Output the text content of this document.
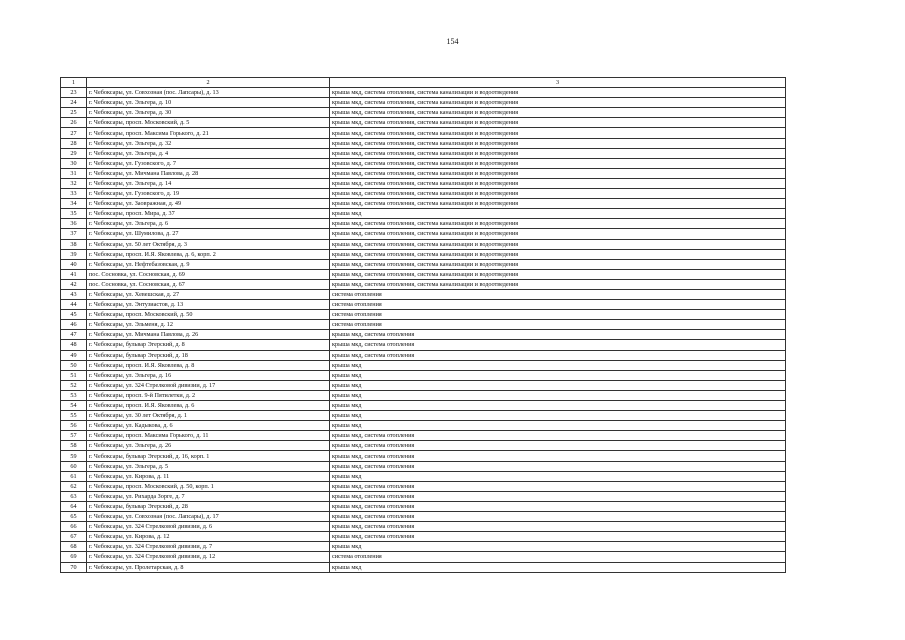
154
1	2	3
23	г. Чебоксары, ул. Совхозная (пос. Лапсары), д. 13	крыша мкд, система отопления, система канализации и водоотведения
24	г. Чебоксары, ул. Эльгера, д. 10	крыша мкд, система отопления, система канализации и водоотведения
25	г. Чебоксары, ул. Эльгера, д. 30	крыша мкд, система отопления, система канализации и водоотведения
26	г. Чебоксары, просп. Московский, д. 5	крыша мкд, система отопления, система канализации и водоотведения
27	г. Чебоксары, просп. Максима Горького, д. 21	крыша мкд, система отопления, система канализации и водоотведения
28	г. Чебоксары, ул. Эльгера, д. 32	крыша мкд, система отопления, система канализации и водоотведения
29	г. Чебоксары, ул. Эльгера, д. 4	крыша мкд, система отопления, система канализации и водоотведения
30	г. Чебоксары, ул. Гузовского, д. 7	крыша мкд, система отопления, система канализации и водоотведения
31	г. Чебоксары, ул. Мичмана Павлова, д. 28	крыша мкд, система отопления, система канализации и водоотведения
32	г. Чебоксары, ул. Эльгера, д. 14	крыша мкд, система отопления, система канализации и водоотведения
33	г. Чебоксары, ул. Гузовского, д. 19	крыша мкд, система отопления, система канализации и водоотведения
34	г. Чебоксары, ул. Заовражная, д. 49	крыша мкд, система отопления, система канализации и водоотведения
35	г. Чебоксары, просп. Мира, д. 37	крыша мкд
36	г. Чебоксары, ул. Эльгера, д. 6	крыша мкд, система отопления, система канализации и водоотведения
37	г. Чебоксары, ул. Шумилова, д. 27	крыша мкд, система отопления, система канализации и водоотведения
38	г. Чебоксары, ул. 50 лет Октября, д. 3	крыша мкд, система отопления, система канализации и водоотведения
39	г. Чебоксары, просп. И.Я. Яковлева, д. 6, корп. 2	крыша мкд, система отопления, система канализации и водоотведения
40	г. Чебоксары, ул. Нефтебазовская, д. 9	крыша мкд, система отопления, система канализации и водоотведения
41	пос. Сосновка, ул. Сосновская, д. 69	крыша мкд, система отопления, система канализации и водоотведения
42	пос. Сосновка, ул. Сосновская, д. 67	крыша мкд, система отопления, система канализации и водоотведения
43	г. Чебоксары, ул. Хевешская, д. 27	система отопления
44	г. Чебоксары, ул. Энтузиастов, д. 13	система отопления
45	г. Чебоксары, просп. Московский, д. 50	система отопления
46	г. Чебоксары, ул. Эльменя, д. 12	система отопления
47	г. Чебоксары, ул. Мичмана Павлова, д. 26	крыша мкд, система отопления
48	г. Чебоксары, бульвар Эгерский, д. 8	крыша мкд, система отопления
49	г. Чебоксары, бульвар Эгерский, д. 18	крыша мкд, система отопления
50	г. Чебоксары, просп. И.Я. Яковлева, д. 8	крыша мкд
51	г. Чебоксары, ул. Эльгера, д. 16	крыша мкд
52	г. Чебоксары, ул. 324 Стрелковой дивизии, д. 17	крыша мкд
53	г. Чебоксары, просп. 9-й Пятилетки, д. 2	крыша мкд
54	г. Чебоксары, просп. И.Я. Яковлева, д. 6	крыша мкд
55	г. Чебоксары, ул. 30 лет Октября, д. 1	крыша мкд
56	г. Чебоксары, ул. Кадыкова, д. 6	крыша мкд
57	г. Чебоксары, просп. Максима Горького, д. 11	крыша мкд, система отопления
58	г. Чебоксары, ул. Эльгера, д. 26	крыша мкд, система отопления
59	г. Чебоксары, бульвар Эгерский, д. 16, корп. 1	крыша мкд, система отопления
60	г. Чебоксары, ул. Эльгера, д. 5	крыша мкд, система отопления
61	г. Чебоксары, ул. Кирова, д. 11	крыша мкд
62	г. Чебоксары, просп. Московский, д. 50, корп. 1	крыша мкд, система отопления
63	г. Чебоксары, ул. Рихарда Зорге, д. 7	крыша мкд, система отопления
64	г. Чебоксары, бульвар Эгерский, д. 28	крыша мкд, система отопления
65	г. Чебоксары, ул. Совхозная (пос. Лапсары), д. 17	крыша мкд, система отопления
66	г. Чебоксары, ул. 324 Стрелковой дивизии, д. 6	крыша мкд, система отопления
67	г. Чебоксары, ул. Кирова, д. 12	крыша мкд, система отопления
68	г. Чебоксары, ул. 324 Стрелковой дивизии, д. 7	крыша мкд
69	г. Чебоксары, ул. 324 Стрелковой дивизии, д. 12	система отопления
70	г. Чебоксары, ул. Пролетарская, д. 8	крыша мкд
